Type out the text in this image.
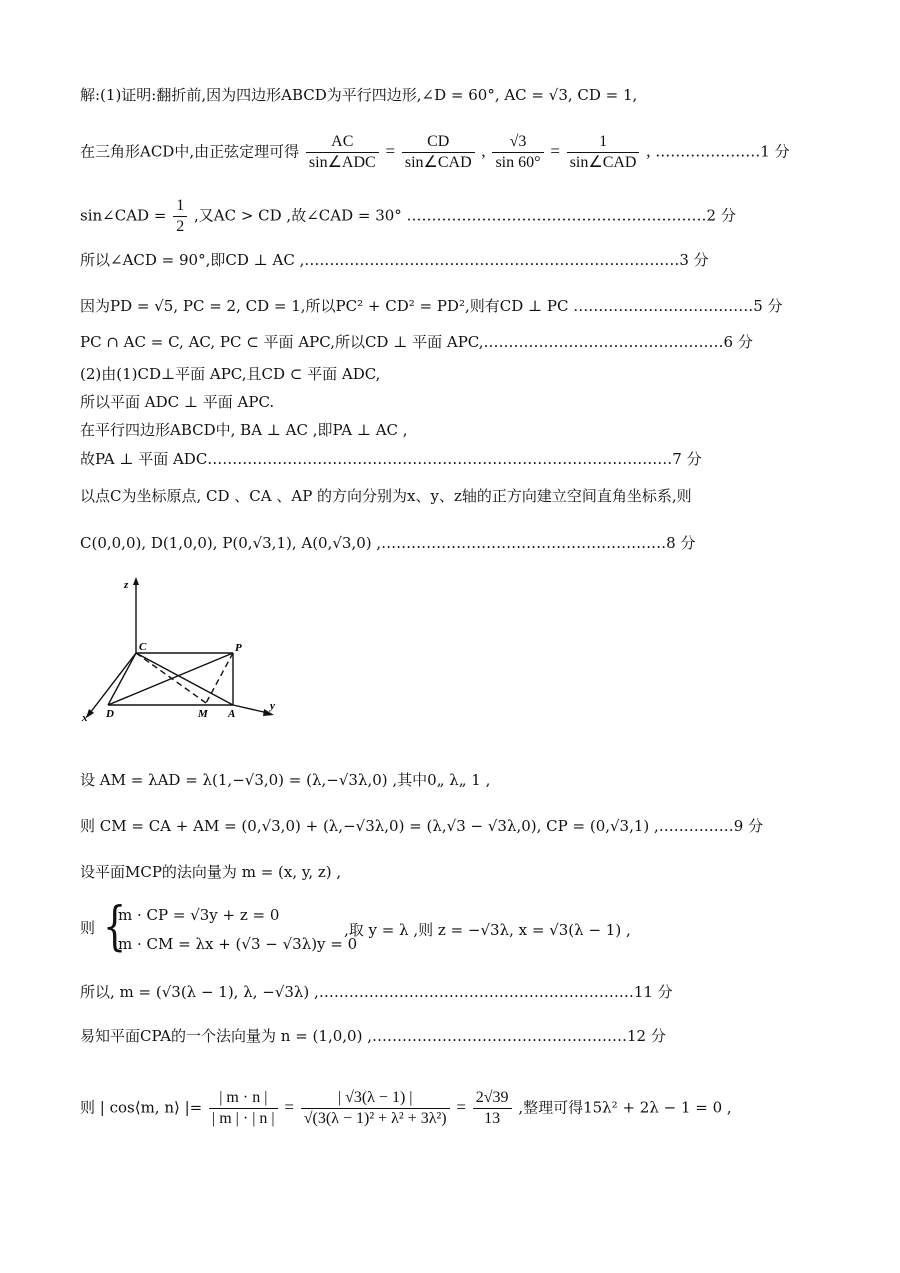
解:(1)证明:翻折前,因为四边形ABCD为平行四边形,∠D = 60°, AC = √3, CD = 1,
在三角形ACD中,由正弦定理可得
AC
sin∠ADC
=	CD
sin∠CAD
, $\frac{√3}{\sin 60^\circ}$ =	1
sin∠CAD
, …………………1 分
sin∠CAD = $\frac{1}{2}$ ,又AC > CD ,故∠CAD = 30° ……………………………………………………2 分
所以∠ACD = 90°,即CD ⊥ AC ,…………………………………………………………………3 分
因为PD = √5, PC = 2, CD = 1,所以PC² + CD² = PD²,则有CD ⊥ PC ………………………………5 分
PC ∩ AC = C, AC, PC ⊂ 平面 APC,所以CD ⊥ 平面 APC,…………………………………………6 分
(2)由(1)CD⊥平面 APC,且CD ⊂ 平面 ADC,
所以平面 ADC ⊥ 平面 APC.
在平行四边形ABCD中, BA ⊥ AC ,即PA ⊥ AC ,
故PA ⊥ 平面 ADC…………………………………………………………………………………7 分
以点C为坐标原点, CD 、CA 、AP 的方向分别为x、y、z轴的正方向建立空间直角坐标系,则
C(0,0,0), D(1,0,0), P(0,√3,1), A(0,√3,0) ,…………………………………………………8 分
z
x
y
C	P
D	M A
设 AM = λAD = λ(1,−√3,0) = (λ,−√3λ,0) ,其中0„ λ„ 1 ,
则 CM = CA + AM = (0,√3,0) + (λ,−√3λ,0) = (λ,√3 − √3λ,0), CP = (0,√3,1) ,……………9 分
设平面MCP的法向量为 m = (x, y, z) ,
则 {
m · CP = √3y + z = 0
m · CM = λx + (√3 − √3λ)y = 0
,取 y = λ ,则 z = −√3λ, x = √3(λ − 1) ,
所以, m = (√3(λ − 1), λ, −√3λ) ,………………………………………………………11 分
易知平面CPA的一个法向量为 n = (1,0,0) ,……………………………………………12 分
则 | cos⟨m, n⟩ |= $\frac{| m \cdot n |}{| m | \cdot | n |} = \frac{| √3(\lambda - 1) |}{\text{√(3(λ − 1)² + λ² + 3λ²)}} = \frac{2√39}{13}$ ,整理可得15λ² + 2λ − 1 = 0 ,
